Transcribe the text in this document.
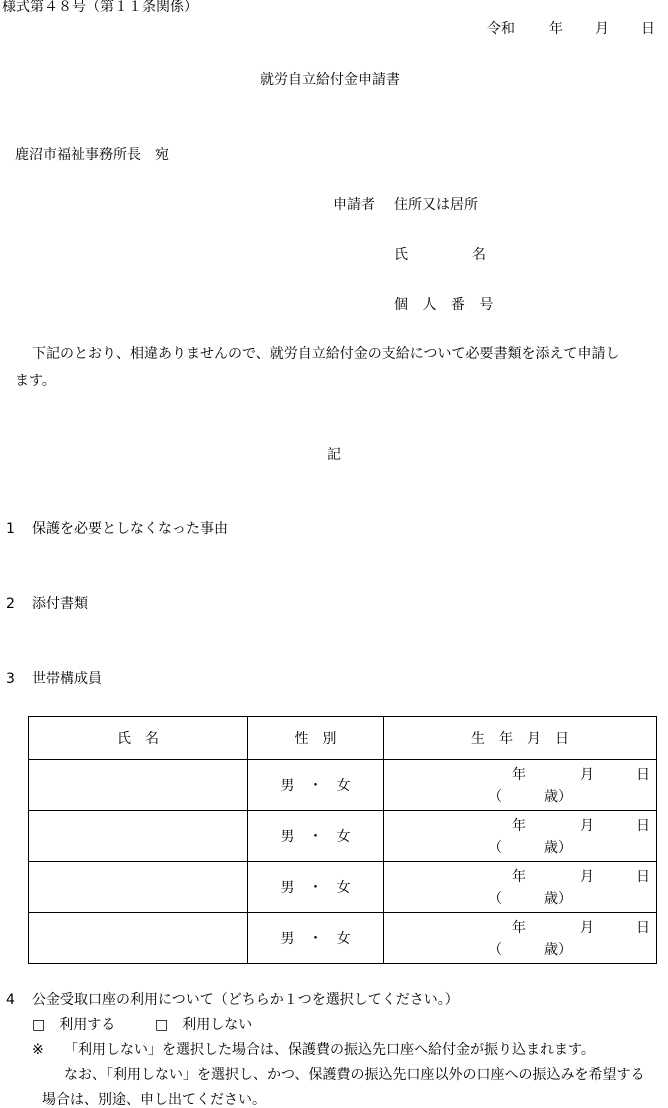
様式第４８号（第１１条関係）
令和 年 月 日
就労自立給付金申請書
鹿沼市福祉事務所長　宛
申請者 住所又は居所
氏	名
個 人 番 号
下記のとおり、相違ありませんので、就労自立給付金の支給について必要書類を添えて申請し
ます。
記
1 保護を必要としなくなった事由
2 添付書類
3 世帯構成員
氏　名	性　別	生　年　月　日
	男　・　女	年 月 日
（　　　歳）

	男　・　女	年 月 日
（　　　歳）

	男　・　女	年 月 日
（　　　歳）

	男　・　女	年 月 日
（　　　歳）
4 公金受取口座の利用について（どちらか１つを選択してください。）
□　利用する	□　利用しない
※ 「利用しない」を選択した場合は、保護費の振込先口座へ給付金が振り込まれます。
なお、「利用しない」を選択し、かつ、保護費の振込先口座以外の口座への振込みを希望する
場合は、別途、申し出てください。
